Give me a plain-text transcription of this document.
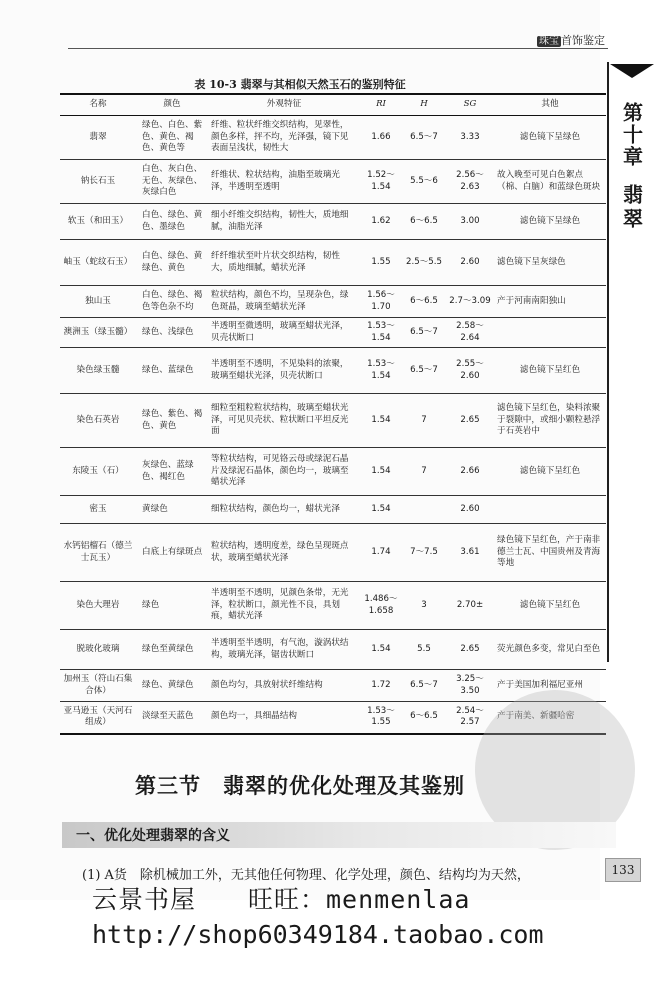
珠宝 首饰鉴定
第十章
翡翠
表 10-3 翡翠与其相似天然玉石的鉴别特征
名称	颜色	外观特征	RI	H	SG	其他
翡翠	绿色、白色、紫色、黄色、褐色、黄色等	纤维、粒状纤维交织结构，见翠性，颜色多样，抨不均，光泽强，镜下见表面呈浅状，韧性大	1.66	6.5～7	3.33	滤色镜下呈绿色
钠长石玉	白色、灰白色、无色、灰绿色、灰绿白色	纤维状、粒状结构，油脂至玻璃光泽，半透明至透明	1.52～1.54	5.5～6	2.56～2.63	故入晚至可见白色絮点（棉、白脑）和蓝绿色斑块
软玉（和田玉）	白色、绿色、黄色、墨绿色	细小纤维交织结构，韧性大，质地细腻，油脂光泽	1.62	6～6.5	3.00	滤色镜下呈绿色
岫玉（蛇纹石玉）	白色、绿色、黄绿色、黄色	纤纤维状至叶片状交织结构，韧性大，质地细腻，蜡状光泽	1.55	2.5～5.5	2.60	滤色镜下呈灰绿色
独山玉	白色、绿色、褐色等色杂不均	粒状结构，颜色不均，呈现杂色，绿色斑晶，玻璃至蜡状光泽	1.56～1.70	6～6.5	2.7～3.09	产于河南南阳独山
澳洲玉（绿玉髓）	绿色、浅绿色	半透明至微透明，玻璃至蜡状光泽，贝壳状断口	1.53～1.54	6.5～7	2.58～2.64	
染色绿玉髓	绿色、蓝绿色	半透明至不透明，不见染料的浓聚，玻璃至蜡状光泽，贝壳状断口	1.53～1.54	6.5～7	2.55～2.60	滤色镜下呈红色
染色石英岩	绿色、紫色、褐色、黄色	细粒至粗粒粒状结构，玻璃至蜡状光泽，可见贝壳状、粒状断口平坦反光面	1.54	7	2.65	滤色镜下呈红色，染料浓聚于裂隙中，或细小颗粒悬浮于石英岩中
东陵玉（石）	灰绿色、蓝绿色、褐红色	等粒状结构，可见铬云母或绿泥石晶片及绿泥石晶体，颜色均一，玻璃至蜡状光泽	1.54	7	2.66	滤色镜下呈红色
密玉	黄绿色	细粒状结构，颜色均一，蜡状光泽	1.54		2.60	
水钙铝榴石（德兰士瓦玉）	白底上有绿斑点	粒状结构，透明度差，绿色呈现斑点状，玻璃至蜡状光泽	1.74	7～7.5	3.61	绿色镜下呈红色，产于南非德兰士瓦、中国贵州及青海等地
染色大理岩	绿色	半透明至不透明，见颜色条带，无光泽，粒状断口，颜光性不良，具划痕，蜡状光泽	1.486～1.658	3	2.70±	滤色镜下呈红色
脱玻化玻璃	绿色至黄绿色	半透明至半透明，有气泡，漩涡状结构，玻璃光泽，锯齿状断口	1.54	5.5	2.65	荧光颜色多变，常见白至色
加州玉（符山石集合体）	绿色、黄绿色	颜色均匀，具放射状纤维结构	1.72	6.5～7	3.25～3.50	产于美国加利福尼亚州
亚马逊玉（天河石组成）	淡绿至天蓝色	颜色均一，具细晶结构	1.53～1.55	6～6.5	2.54～2.57	产于南美、新疆哈密
第三节　翡翠的优化处理及其鉴别
一、优化处理翡翠的含义
(1) A货　除机械加工外，无其他任何物理、化学处理，颜色、结构均为天然，	133
云景书屋　　旺旺：menmenlaa
http://shop60349184.taobao.com
